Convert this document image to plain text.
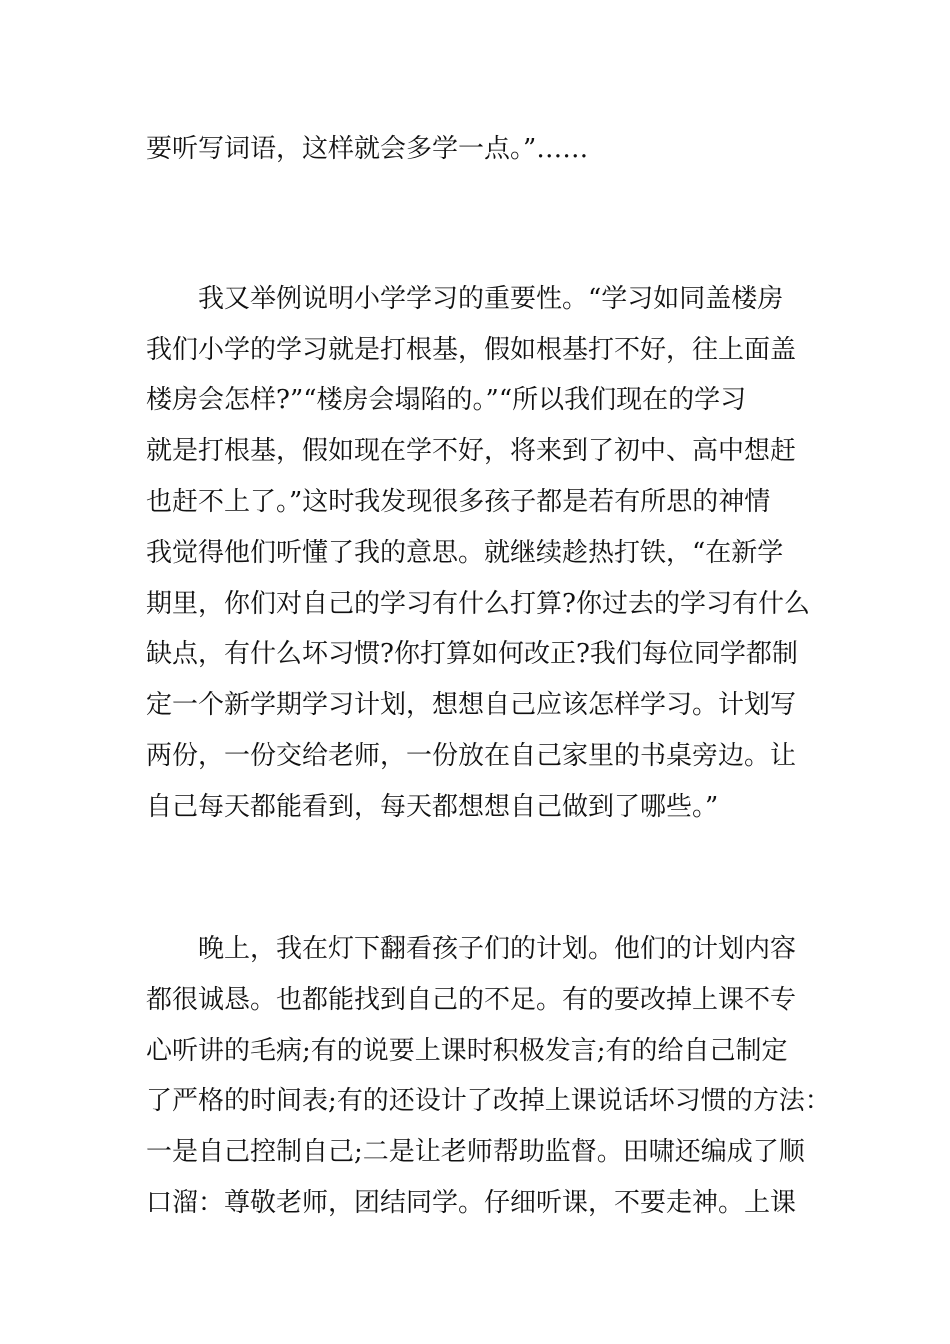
要听写词语，这样就会多学一点。”……

我又举例说明小学学习的重要性。“学习如同盖楼房

我们小学的学习就是打根基，假如根基打不好，往上面盖

楼房会怎样?”“楼房会塌陷的。”“所以我们现在的学习

就是打根基，假如现在学不好，将来到了初中、高中想赶

也赶不上了。”这时我发现很多孩子都是若有所思的神情

我觉得他们听懂了我的意思。就继续趁热打铁，“在新学

期里，你们对自己的学习有什么打算?你过去的学习有什么

缺点，有什么坏习惯?你打算如何改正?我们每位同学都制

定一个新学期学习计划，想想自己应该怎样学习。计划写

两份，一份交给老师，一份放在自己家里的书桌旁边。让

自己每天都能看到，每天都想想自己做到了哪些。”

晚上，我在灯下翻看孩子们的计划。他们的计划内容

都很诚恳。也都能找到自己的不足。有的要改掉上课不专

心听讲的毛病;有的说要上课时积极发言;有的给自己制定

了严格的时间表;有的还设计了改掉上课说话坏习惯的方法：

一是自己控制自己;二是让老师帮助监督。田啸还编成了顺

口溜：尊敬老师，团结同学。仔细听课，不要走神。上课
